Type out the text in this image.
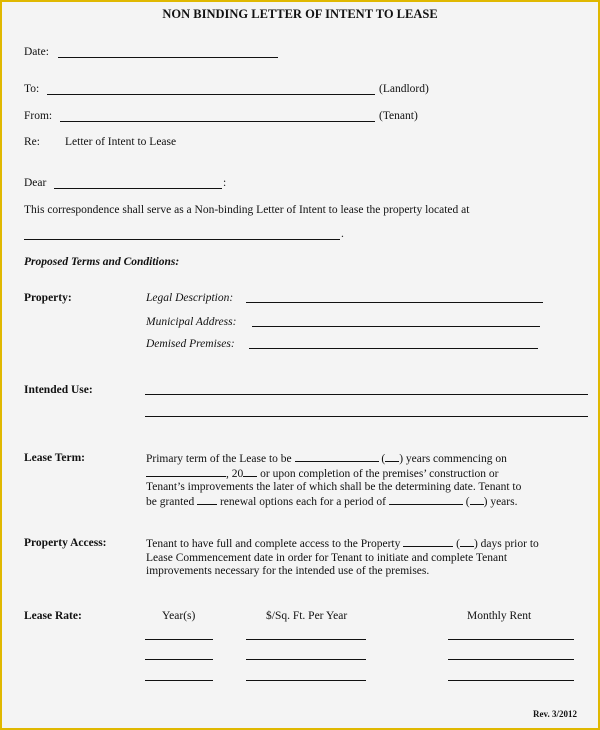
NON BINDING LETTER OF INTENT TO LEASE
Date:
To:	(Landlord)
From:	(Tenant)
Re: Letter of Intent to Lease
Dear	:
This correspondence shall serve as a Non-binding Letter of Intent to lease the property located at
.
Proposed Terms and Conditions:
Property:	Legal Description:
Municipal Address:
Demised Premises:
Intended Use:
Lease Term:	Primary term of the Lease to be	( ) years commencing on
, 20 or upon completion of the premises’ construction or
Tenant’s improvements the later of which shall be the determining date. Tenant to
be granted renewal options each for a period of	( ) years.
Property Access:	Tenant to have full and complete access to the Property	( ) days prior to
Lease Commencement date in order for Tenant to initiate and complete Tenant
improvements necessary for the intended use of the premises.
Lease Rate:	Year(s)	$/Sq. Ft. Per Year	Monthly Rent
Rev. 3/2012
